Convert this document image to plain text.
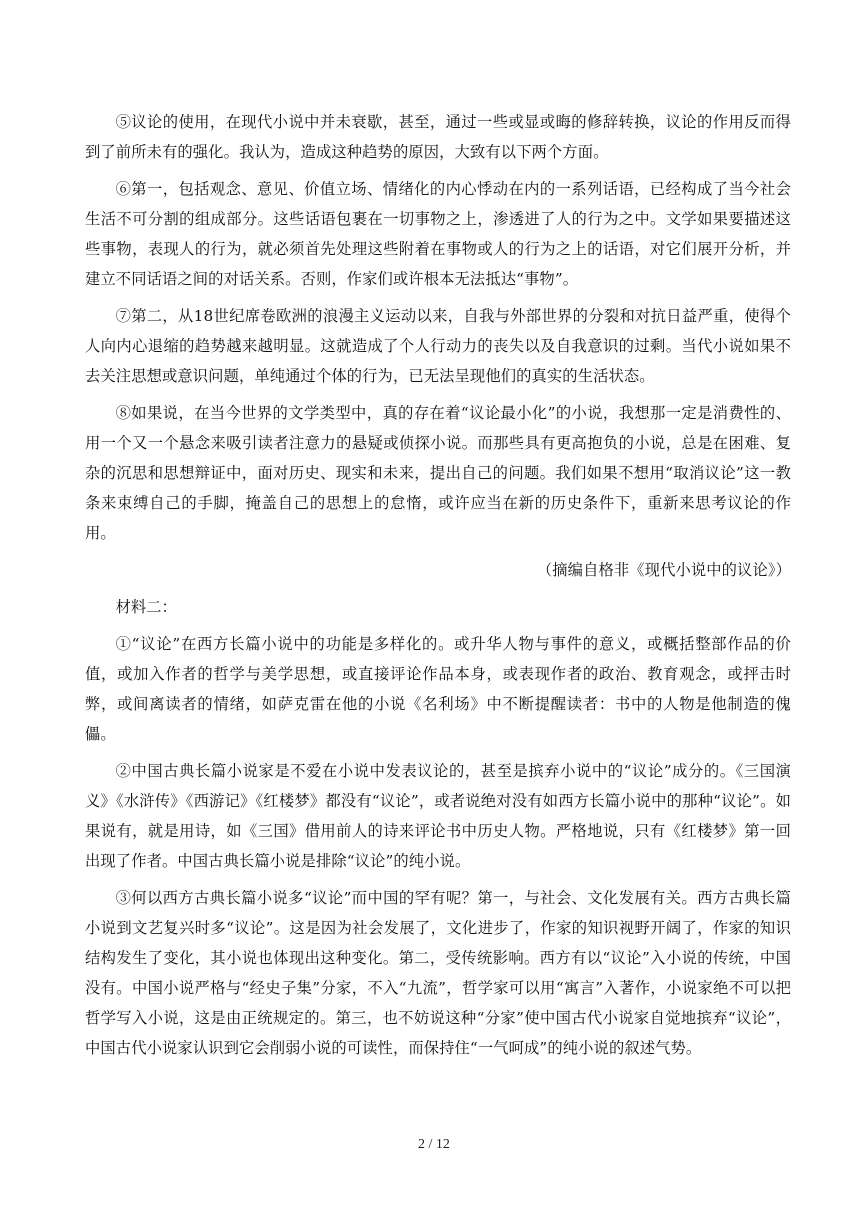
⑤议论的使用，在现代小说中并未衰歇，甚至，通过一些或显或晦的修辞转换，议论的作用反而得到了前所未有的强化。我认为，造成这种趋势的原因，大致有以下两个方面。

⑥第一，包括观念、意见、价值立场、情绪化的内心悸动在内的一系列话语，已经构成了当今社会生活不可分割的组成部分。这些话语包裹在一切事物之上，渗透进了人的行为之中。文学如果要描述这些事物，表现人的行为，就必须首先处理这些附着在事物或人的行为之上的话语，对它们展开分析，并建立不同话语之间的对话关系。否则，作家们或许根本无法抵达“事物”。

⑦第二，从18世纪席卷欧洲的浪漫主义运动以来，自我与外部世界的分裂和对抗日益严重，使得个人向内心退缩的趋势越来越明显。这就造成了个人行动力的丧失以及自我意识的过剩。当代小说如果不去关注思想或意识问题，单纯通过个体的行为，已无法呈现他们的真实的生活状态。

⑧如果说，在当今世界的文学类型中，真的存在着“议论最小化”的小说，我想那一定是消费性的、用一个又一个悬念来吸引读者注意力的悬疑或侦探小说。而那些具有更高抱负的小说，总是在困难、复杂的沉思和思想辩证中，面对历史、现实和未来，提出自己的问题。我们如果不想用“取消议论”这一教条来束缚自己的手脚，掩盖自己的思想上的怠惰，或许应当在新的历史条件下，重新来思考议论的作用。

（摘编自格非《现代小说中的议论》）

材料二：

①“议论”在西方长篇小说中的功能是多样化的。或升华人物与事件的意义，或概括整部作品的价值，或加入作者的哲学与美学思想，或直接评论作品本身，或表现作者的政治、教育观念，或抨击时弊，或间离读者的情绪，如萨克雷在他的小说《名利场》中不断提醒读者：书中的人物是他制造的傀儡。

②中国古典长篇小说家是不爱在小说中发表议论的，甚至是摈弃小说中的“议论”成分的。《三国演义》《水浒传》《西游记》《红楼梦》都没有“议论”，或者说绝对没有如西方长篇小说中的那种“议论”。如果说有，就是用诗，如《三国》借用前人的诗来评论书中历史人物。严格地说，只有《红楼梦》第一回出现了作者。中国古典长篇小说是排除“议论”的纯小说。

③何以西方古典长篇小说多“议论”而中国的罕有呢？第一，与社会、文化发展有关。西方古典长篇小说到文艺复兴时多“议论”。这是因为社会发展了，文化进步了，作家的知识视野开阔了，作家的知识结构发生了变化，其小说也体现出这种变化。第二，受传统影响。西方有以“议论”入小说的传统，中国没有。中国小说严格与“经史子集”分家，不入“九流”，哲学家可以用“寓言”入著作，小说家绝不可以把哲学写入小说，这是由正统规定的。第三，也不妨说这种“分家”使中国古代小说家自觉地摈弃“议论”，中国古代小说家认识到它会削弱小说的可读性，而保持住“一气呵成”的纯小说的叙述气势。

2 / 12
